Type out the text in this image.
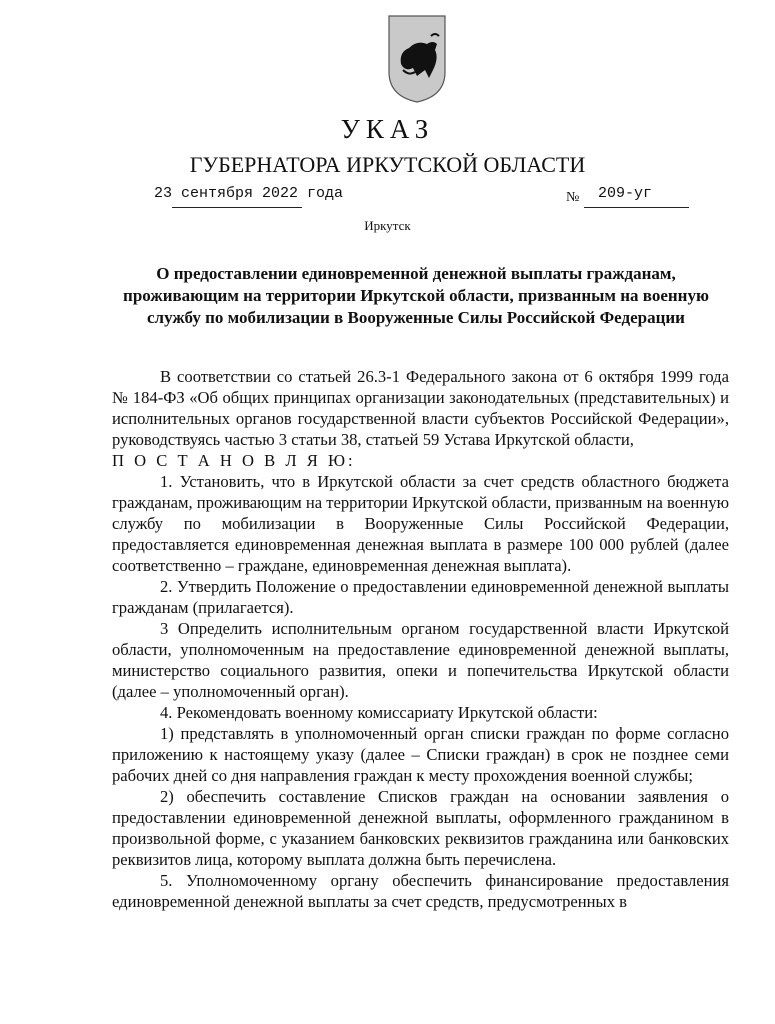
УКАЗ
ГУБЕРНАТОРА ИРКУТСКОЙ ОБЛАСТИ
23 сентября 2022 года	№ 209-уг
Иркутск
О предоставлении единовременной денежной выплаты гражданам, проживающим на территории Иркутской области, призванным на военную службу по мобилизации в Вооруженные Силы Российской Федерации

В соответствии со статьей 26.3-1 Федерального закона от 6 октября 1999 года № 184-ФЗ «Об общих принципах организации законодательных (представительных) и исполнительных органов государственной власти субъектов Российской Федерации», руководствуясь частью 3 статьи 38, статьей 59 Устава Иркутской области,

П О С Т А Н О В Л Я Ю:

1. Установить, что в Иркутской области за счет средств областного бюджета гражданам, проживающим на территории Иркутской области, призванным на военную службу по мобилизации в Вооруженные Силы Российской Федерации, предоставляется единовременная денежная выплата в размере 100 000 рублей (далее соответственно – граждане, единовременная денежная выплата).

2. Утвердить Положение о предоставлении единовременной денежной выплаты гражданам (прилагается).

3 Определить исполнительным органом государственной власти Иркутской области, уполномоченным на предоставление единовременной денежной выплаты, министерство социального развития, опеки и попечительства Иркутской области (далее – уполномоченный орган).

4. Рекомендовать военному комиссариату Иркутской области:

1) представлять в уполномоченный орган списки граждан по форме согласно приложению к настоящему указу (далее – Списки граждан) в срок не позднее семи рабочих дней со дня направления граждан к месту прохождения военной службы;

2) обеспечить составление Списков граждан на основании заявления о предоставлении единовременной денежной выплаты, оформленного гражданином в произвольной форме, с указанием банковских реквизитов гражданина или банковских реквизитов лица, которому выплата должна быть перечислена.

5. Уполномоченному органу обеспечить финансирование предоставления единовременной денежной выплаты за счет средств, предусмотренных в
